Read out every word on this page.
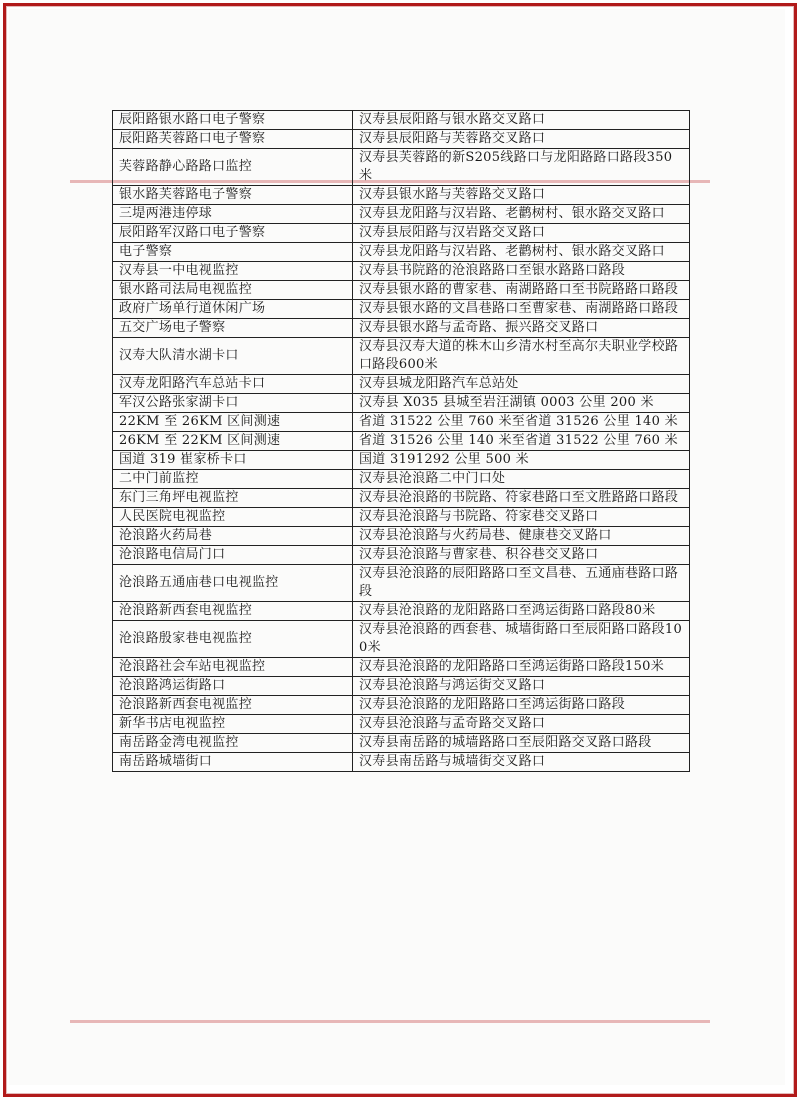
辰阳路银水路口电子警察	汉寿县辰阳路与银水路交叉路口
辰阳路芙蓉路口电子警察	汉寿县辰阳路与芙蓉路交叉路口
芙蓉路静心路路口监控	汉寿县芙蓉路的新S205线路口与龙阳路路口路段350米
银水路芙蓉路电子警察	汉寿县银水路与芙蓉路交叉路口
三堤两港违停球	汉寿县龙阳路与汉岩路、老鹳树村、银水路交叉路口
辰阳路军汉路口电子警察	汉寿县辰阳路与汉岩路交叉路口
电子警察	汉寿县龙阳路与汉岩路、老鹳树村、银水路交叉路口
汉寿县一中电视监控	汉寿县书院路的沧浪路路口至银水路路口路段
银水路司法局电视监控	汉寿县银水路的曹家巷、南湖路路口至书院路路口路段
政府广场单行道休闲广场	汉寿县银水路的文昌巷路口至曹家巷、南湖路路口路段
五交广场电子警察	汉寿县银水路与孟奇路、振兴路交叉路口
汉寿大队清水湖卡口	汉寿县汉寿大道的株木山乡清水村至高尔夫职业学校路口路段600米
汉寿龙阳路汽车总站卡口	汉寿县城龙阳路汽车总站处
军汉公路张家湖卡口	汉寿县 X035 县城至岩汪湖镇 0003 公里 200 米
22KM 至 26KM 区间测速	省道 31522 公里 760 米至省道 31526 公里 140 米
26KM 至 22KM 区间测速	省道 31526 公里 140 米至省道 31522 公里 760 米
国道 319 崔家桥卡口	国道 3191292 公里 500 米
二中门前监控	汉寿县沧浪路二中门口处
东门三角坪电视监控	汉寿县沧浪路的书院路、符家巷路口至文胜路路口路段
人民医院电视监控	汉寿县沧浪路与书院路、符家巷交叉路口
沧浪路火药局巷	汉寿县沧浪路与火药局巷、健康巷交叉路口
沧浪路电信局门口	汉寿县沧浪路与曹家巷、积谷巷交叉路口
沧浪路五通庙巷口电视监控	汉寿县沧浪路的辰阳路路口至文昌巷、五通庙巷路口路段
沧浪路新西套电视监控	汉寿县沧浪路的龙阳路路口至鸿运街路口路段80米
沧浪路殷家巷电视监控	汉寿县沧浪路的西套巷、城墙街路口至辰阳路口路段100米
沧浪路社会车站电视监控	汉寿县沧浪路的龙阳路路口至鸿运街路口路段150米
沧浪路鸿运街路口	汉寿县沧浪路与鸿运街交叉路口
沧浪路新西套电视监控	汉寿县沧浪路的龙阳路路口至鸿运街路口路段
新华书店电视监控	汉寿县沧浪路与孟奇路交叉路口
南岳路金湾电视监控	汉寿县南岳路的城墙路路口至辰阳路交叉路口路段
南岳路城墙街口	汉寿县南岳路与城墙街交叉路口
